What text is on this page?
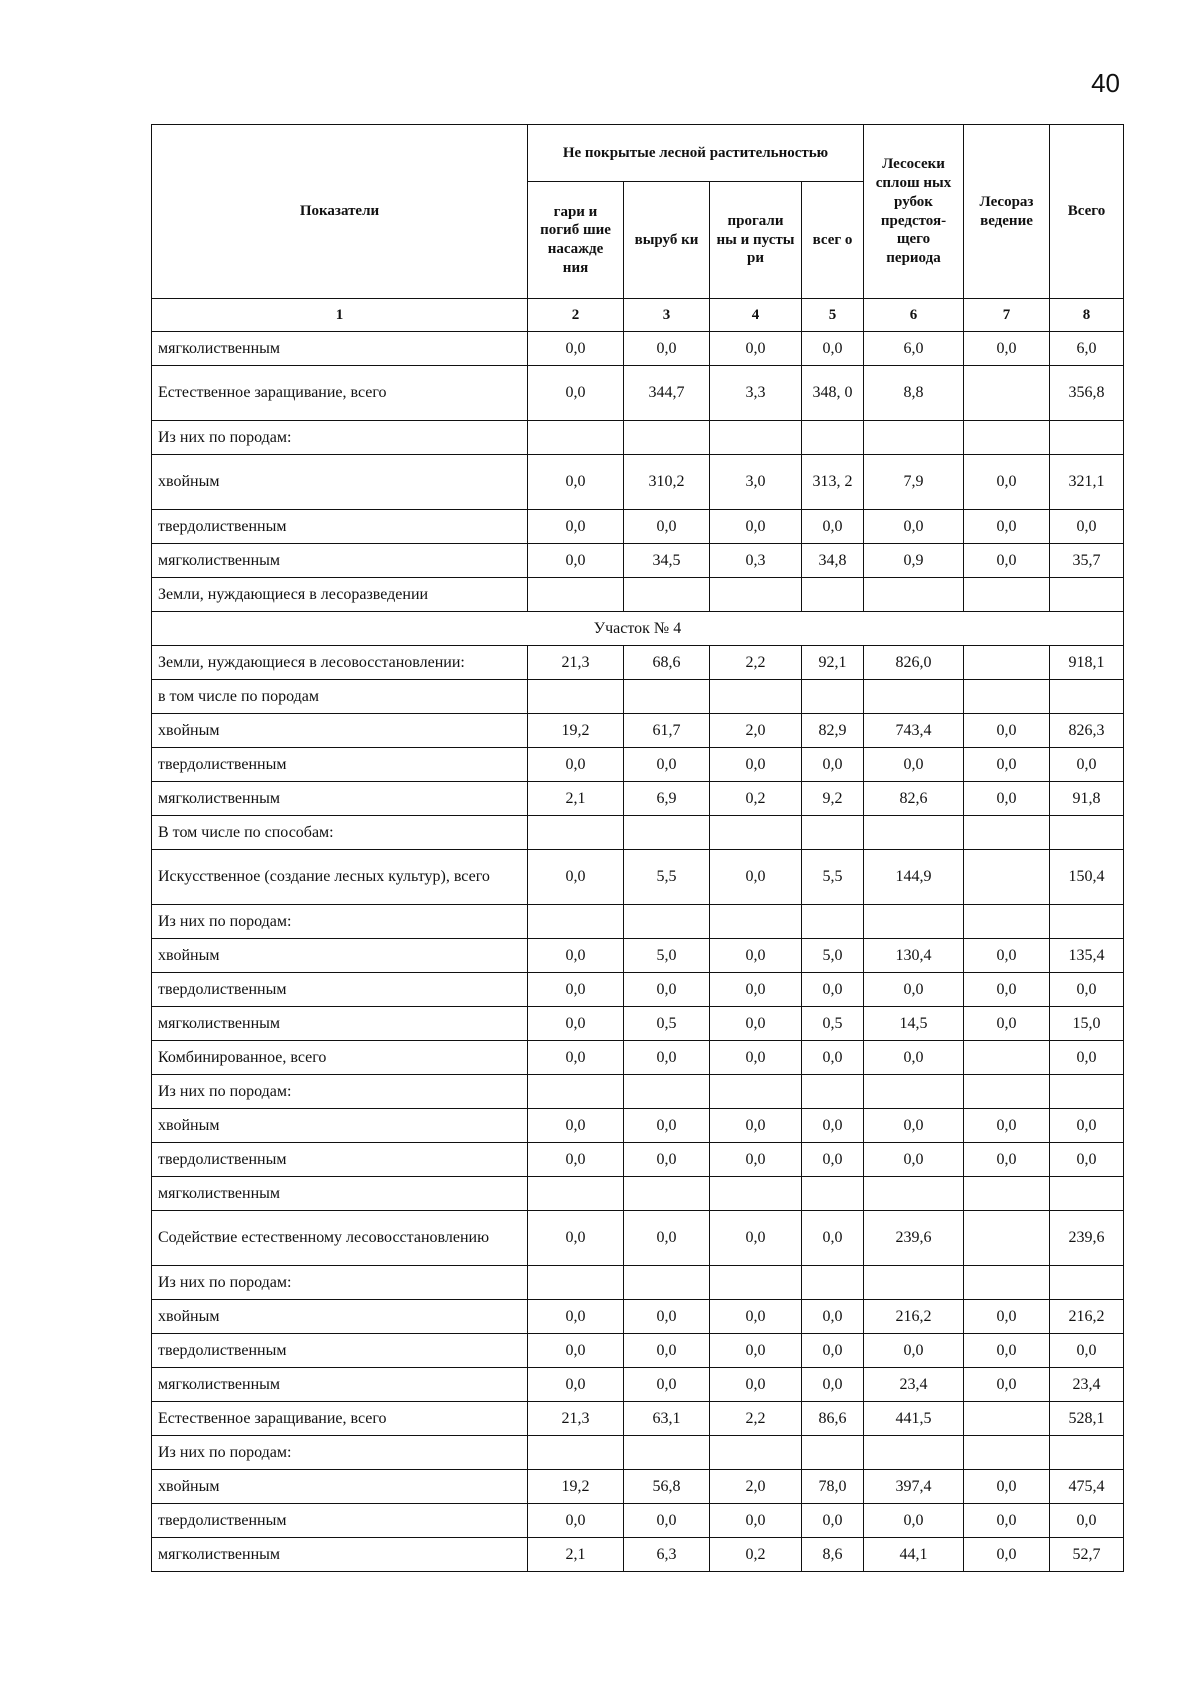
40
Показатели	Не покрытые лесной растительностью				Лесосеки сплош ных рубок предстоя-щего периода	Лесораз ведение	Всего
	гари и погиб шие насажде ния	выруб ки	прогали ны и пусты ри	всег о			
1	2	3	4	5	6	7	8
мягколиственным	0,0	0,0	0,0	0,0	6,0	0,0	6,0
Естественное заращивание, всего	0,0	344,7	3,3	348, 0	8,8		356,8
Из них по породам:							
хвойным	0,0	310,2	3,0	313, 2	7,9	0,0	321,1
твердолиственным	0,0	0,0	0,0	0,0	0,0	0,0	0,0
мягколиственным	0,0	34,5	0,3	34,8	0,9	0,0	35,7
Земли, нуждающиеся в лесоразведении							
Участок № 4							
Земли, нуждающиеся в лесовосстановлении:	21,3	68,6	2,2	92,1	826,0		918,1
в том числе по породам							
хвойным	19,2	61,7	2,0	82,9	743,4	0,0	826,3
твердолиственным	0,0	0,0	0,0	0,0	0,0	0,0	0,0
мягколиственным	2,1	6,9	0,2	9,2	82,6	0,0	91,8
В том числе по способам:							
Искусственное (создание лесных культур), всего	0,0	5,5	0,0	5,5	144,9		150,4
Из них по породам:							
хвойным	0,0	5,0	0,0	5,0	130,4	0,0	135,4
твердолиственным	0,0	0,0	0,0	0,0	0,0	0,0	0,0
мягколиственным	0,0	0,5	0,0	0,5	14,5	0,0	15,0
Комбинированное, всего	0,0	0,0	0,0	0,0	0,0		0,0
Из них по породам:							
хвойным	0,0	0,0	0,0	0,0	0,0	0,0	0,0
твердолиственным	0,0	0,0	0,0	0,0	0,0	0,0	0,0
мягколиственным							
Содействие естественному лесовосстановлению	0,0	0,0	0,0	0,0	239,6		239,6
Из них по породам:							
хвойным	0,0	0,0	0,0	0,0	216,2	0,0	216,2
твердолиственным	0,0	0,0	0,0	0,0	0,0	0,0	0,0
мягколиственным	0,0	0,0	0,0	0,0	23,4	0,0	23,4
Естественное заращивание, всего	21,3	63,1	2,2	86,6	441,5		528,1
Из них по породам:							
хвойным	19,2	56,8	2,0	78,0	397,4	0,0	475,4
твердолиственным	0,0	0,0	0,0	0,0	0,0	0,0	0,0
мягколиственным	2,1	6,3	0,2	8,6	44,1	0,0	52,7
